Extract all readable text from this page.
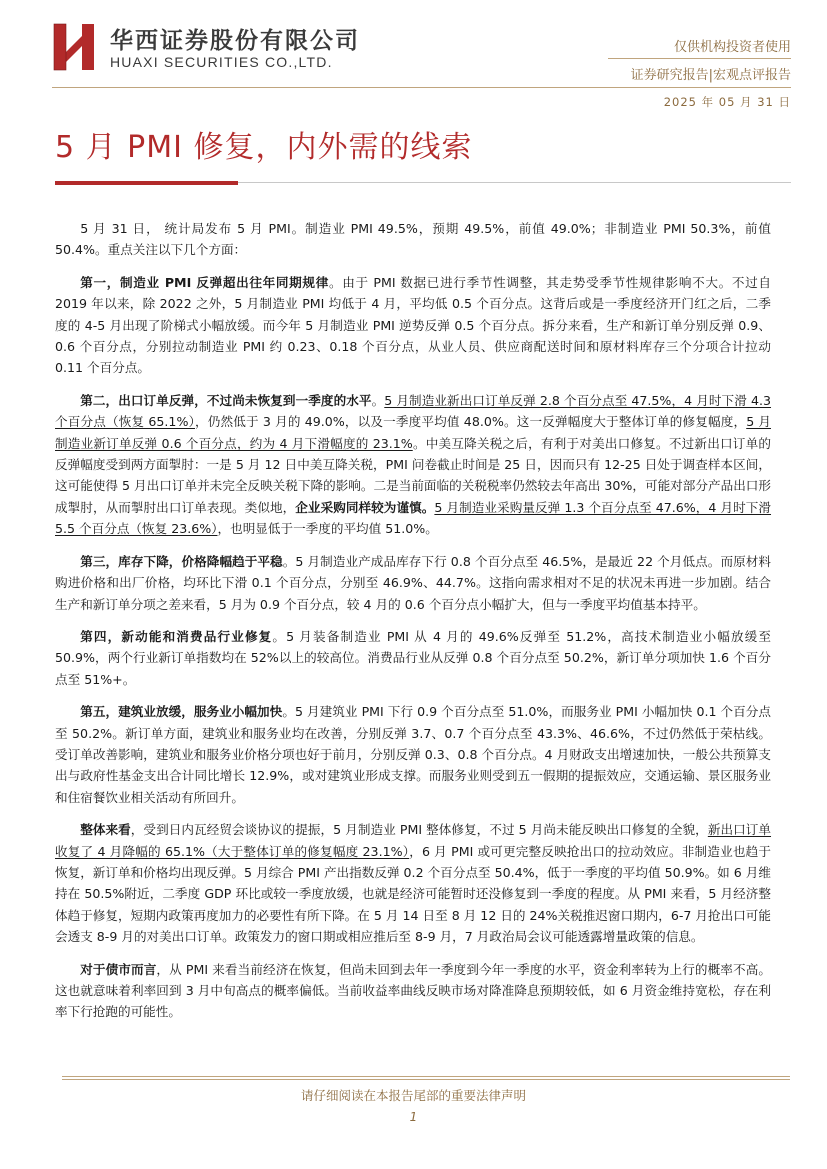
华西证券股份有限公司
HUAXI SECURITIES CO.,LTD.
仅供机构投资者使用
证券研究报告|宏观点评报告
2025 年 05 月 31 日
5 月 PMI 修复，内外需的线索

5 月 31 日， 统计局发布 5 月 PMI。制造业 PMI 49.5%，预期 49.5%，前值 49.0%；非制造业 PMI 50.3%，前值 50.4%。重点关注以下几个方面：

第一，制造业 PMI 反弹超出往年同期规律。由于 PMI 数据已进行季节性调整，其走势受季节性规律影响不大。不过自 2019 年以来，除 2022 之外，5 月制造业 PMI 均低于 4 月，平均低 0.5 个百分点。这背后或是一季度经济开门红之后，二季度的 4-5 月出现了阶梯式小幅放缓。而今年 5 月制造业 PMI 逆势反弹 0.5 个百分点。拆分来看，生产和新订单分别反弹 0.9、0.6 个百分点，分别拉动制造业 PMI 约 0.23、0.18 个百分点，从业人员、供应商配送时间和原材料库存三个分项合计拉动 0.11 个百分点。

第二，出口订单反弹，不过尚未恢复到一季度的水平。5 月制造业新出口订单反弹 2.8 个百分点至 47.5%，4 月时下滑 4.3 个百分点（恢复 65.1%），仍然低于 3 月的 49.0%，以及一季度平均值 48.0%。这一反弹幅度大于整体订单的修复幅度，5 月制造业新订单反弹 0.6 个百分点，约为 4 月下滑幅度的 23.1%。中美互降关税之后，有利于对美出口修复。不过新出口订单的反弹幅度受到两方面掣肘：一是 5 月 12 日中美互降关税，PMI 问卷截止时间是 25 日，因而只有 12-25 日处于调查样本区间，这可能使得 5 月出口订单并未完全反映关税下降的影响。二是当前面临的关税税率仍然较去年高出 30%，可能对部分产品出口形成掣肘，从而掣肘出口订单表现。类似地，企业采购同样较为谨慎。5 月制造业采购量反弹 1.3 个百分点至 47.6%，4 月时下滑 5.5 个百分点（恢复 23.6%），也明显低于一季度的平均值 51.0%。

第三，库存下降，价格降幅趋于平稳。5 月制造业产成品库存下行 0.8 个百分点至 46.5%，是最近 22 个月低点。而原材料购进价格和出厂价格，均环比下滑 0.1 个百分点，分别至 46.9%、44.7%。这指向需求相对不足的状况未再进一步加剧。结合生产和新订单分项之差来看，5 月为 0.9 个百分点，较 4 月的 0.6 个百分点小幅扩大，但与一季度平均值基本持平。

第四，新动能和消费品行业修复。5 月装备制造业 PMI 从 4 月的 49.6%反弹至 51.2%，高技术制造业小幅放缓至 50.9%，两个行业新订单指数均在 52%以上的较高位。消费品行业从反弹 0.8 个百分点至 50.2%，新订单分项加快 1.6 个百分点至 51%+。

第五，建筑业放缓，服务业小幅加快。5 月建筑业 PMI 下行 0.9 个百分点至 51.0%，而服务业 PMI 小幅加快 0.1 个百分点至 50.2%。新订单方面，建筑业和服务业均在改善，分别反弹 3.7、0.7 个百分点至 43.3%、46.6%，不过仍然低于荣枯线。受订单改善影响，建筑业和服务业价格分项也好于前月，分别反弹 0.3、0.8 个百分点。4 月财政支出增速加快，一般公共预算支出与政府性基金支出合计同比增长 12.9%，或对建筑业形成支撑。而服务业则受到五一假期的提振效应，交通运输、景区服务业和住宿餐饮业相关活动有所回升。

整体来看，受到日内瓦经贸会谈协议的提振，5 月制造业 PMI 整体修复，不过 5 月尚未能反映出口修复的全貌，新出口订单收复了 4 月降幅的 65.1%（大于整体订单的修复幅度 23.1%），6 月 PMI 或可更完整反映抢出口的拉动效应。非制造业也趋于恢复，新订单和价格均出现反弹。5 月综合 PMI 产出指数反弹 0.2 个百分点至 50.4%，低于一季度的平均值 50.9%。如 6 月维持在 50.5%附近，二季度 GDP 环比或较一季度放缓，也就是经济可能暂时还没修复到一季度的程度。从 PMI 来看，5 月经济整体趋于修复，短期内政策再度加力的必要性有所下降。在 5 月 14 日至 8 月 12 日的 24%关税推迟窗口期内，6-7 月抢出口可能会透支 8-9 月的对美出口订单。政策发力的窗口期或相应推后至 8-9 月，7 月政治局会议可能透露增量政策的信息。

对于债市而言，从 PMI 来看当前经济在恢复，但尚未回到去年一季度到今年一季度的水平，资金利率转为上行的概率不高。这也就意味着利率回到 3 月中旬高点的概率偏低。当前收益率曲线反映市场对降准降息预期较低，如 6 月资金维持宽松，存在利率下行抢跑的可能性。

请仔细阅读在本报告尾部的重要法律声明
1
